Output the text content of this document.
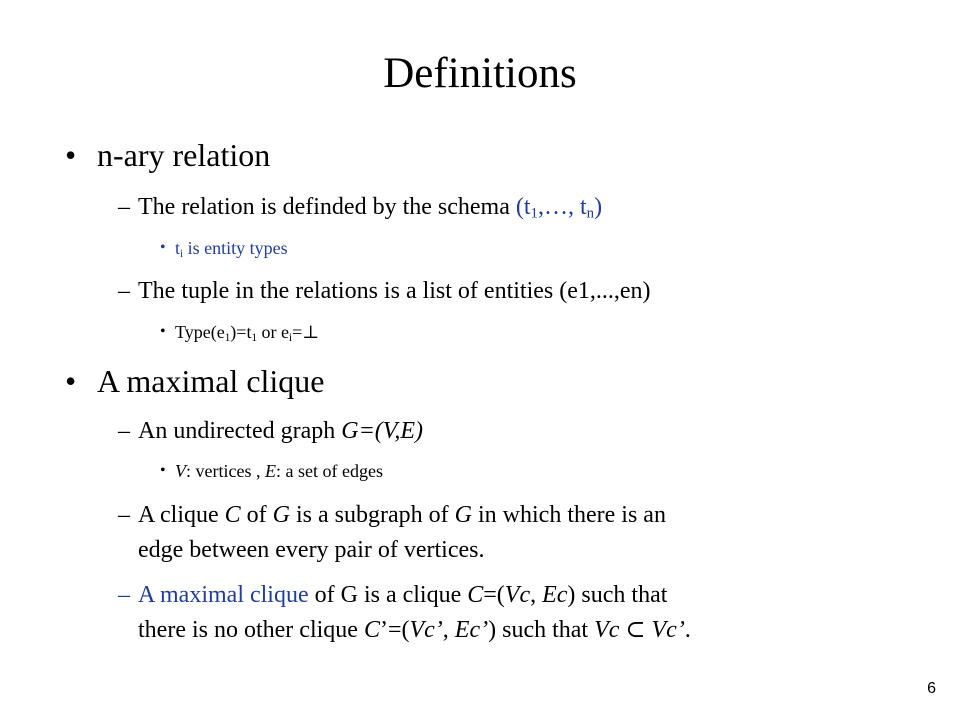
Definitions
• n-ary relation
– The relation is definded by the schema ($t_1,\dots$, $t_n$)
• $t_i$ is entity types
– The tuple in the relations is a list of entities (e1,...,en)
• $Type(e_1)=t_1$ or $e_i=\perp$
• A maximal clique
– An undirected graph G=(V,E)
• V: vertices , E: a set of edges
– A clique C of G is a subgraph of G in which there is an
edge between every pair of vertices.
– A maximal clique of G is a clique C=(Vc, Ec) such that
there is no other clique C’=(Vc’, Ec’) such that Vc ⊂ Vc’.
6
